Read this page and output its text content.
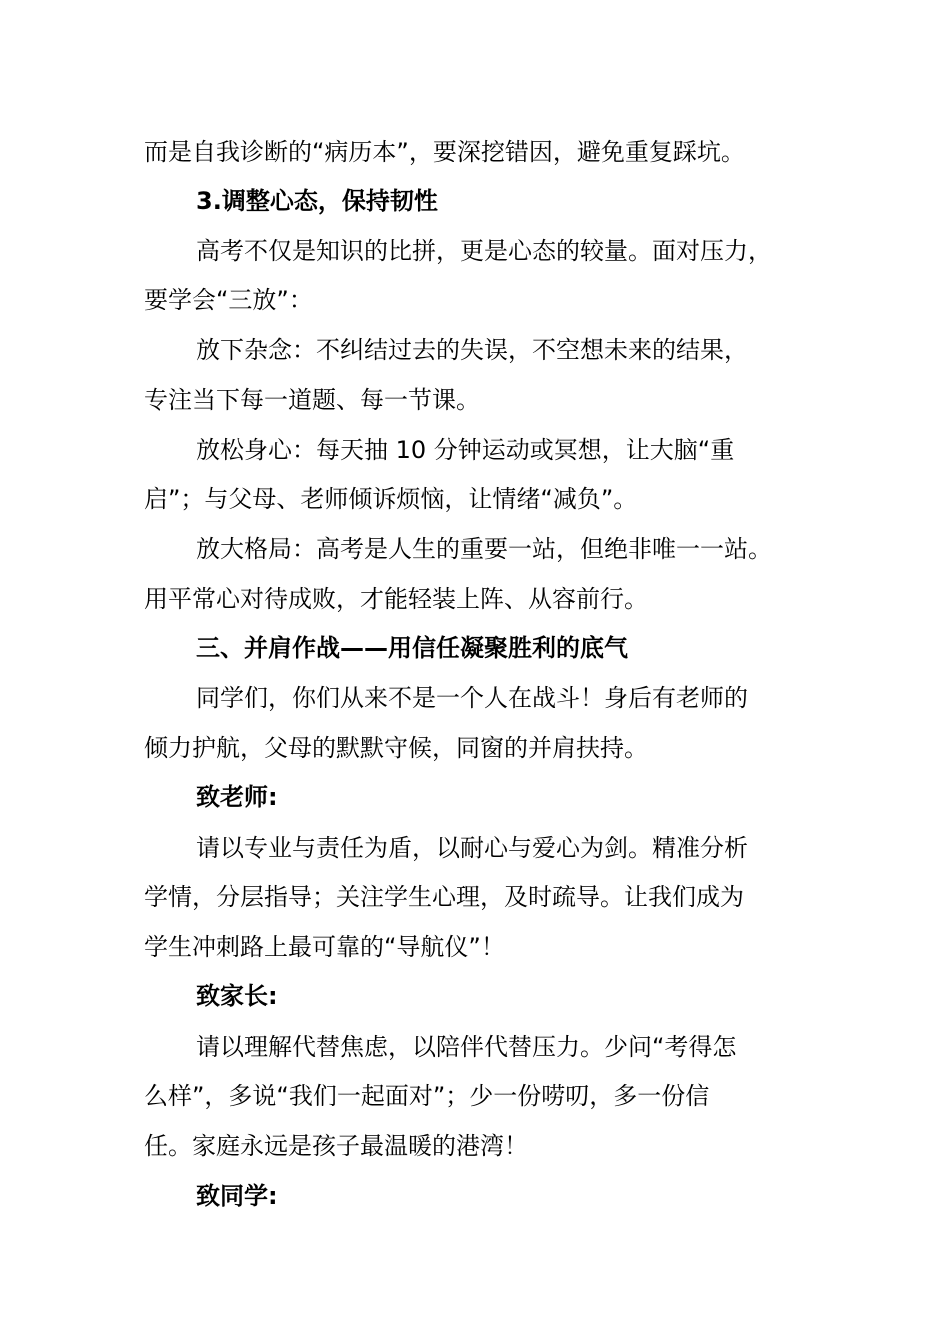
而是自我诊断的“病历本”，要深挖错因，避免重复踩坑。
3.调整心态，保持韧性
高考不仅是知识的比拼，更是心态的较量。面对压力，
要学会“三放”：
放下杂念：不纠结过去的失误，不空想未来的结果，
专注当下每一道题、每一节课。
放松身心：每天抽 10 分钟运动或冥想，让大脑“重
启”；与父母、老师倾诉烦恼，让情绪“减负”。
放大格局：高考是人生的重要一站，但绝非唯一一站。
用平常心对待成败，才能轻装上阵、从容前行。
三、并肩作战——用信任凝聚胜利的底气
同学们，你们从来不是一个人在战斗！身后有老师的
倾力护航，父母的默默守候，同窗的并肩扶持。
致老师:
请以专业与责任为盾，以耐心与爱心为剑。精准分析
学情，分层指导；关注学生心理，及时疏导。让我们成为
学生冲刺路上最可靠的“导航仪”！
致家长:
请以理解代替焦虑，以陪伴代替压力。少问“考得怎
么样”，多说“我们一起面对”；少一份唠叨，多一份信
任。家庭永远是孩子最温暖的港湾！
致同学:
